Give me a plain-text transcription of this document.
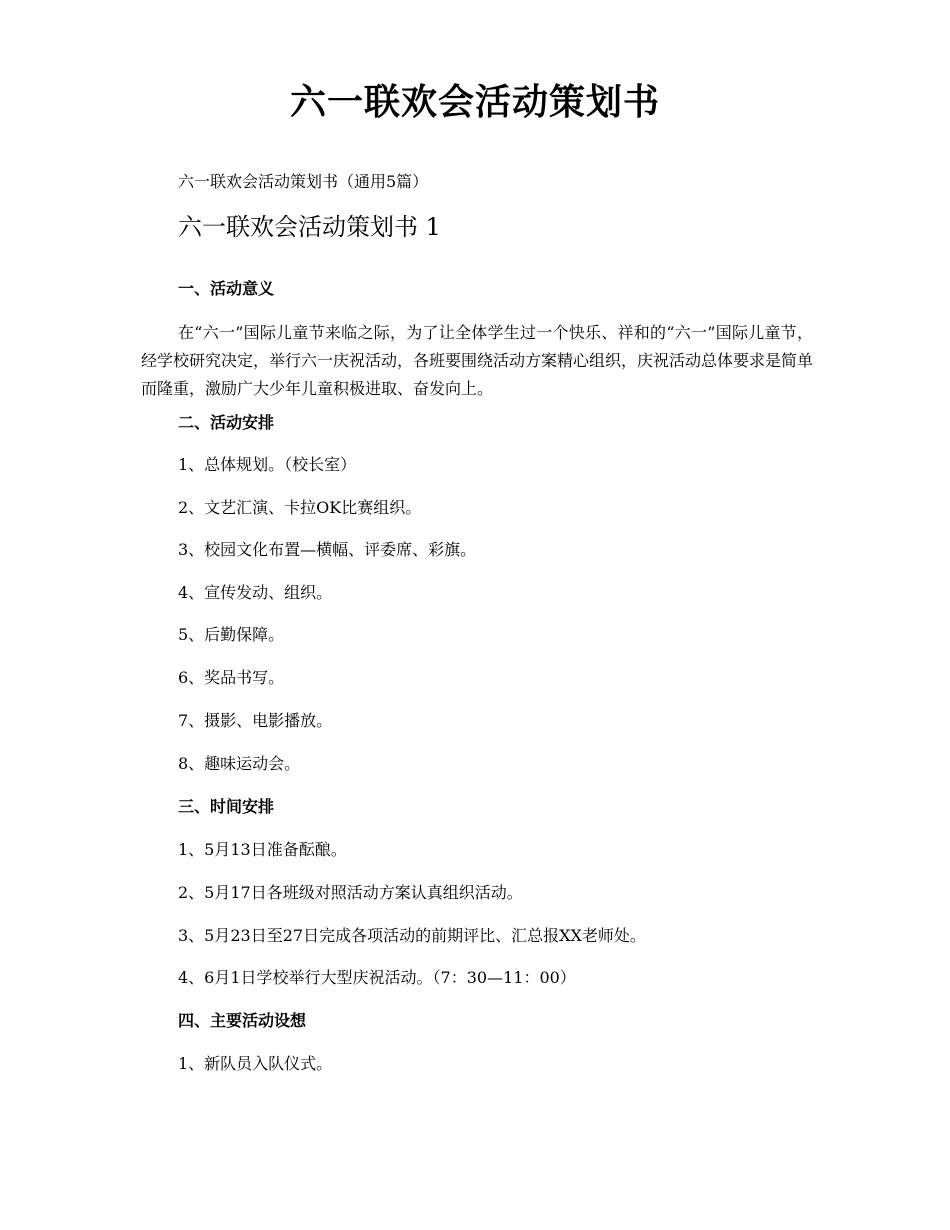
六一联欢会活动策划书
六一联欢会活动策划书（通用5篇）
六一联欢会活动策划书 1
一、活动意义
在“六一”国际儿童节来临之际，为了让全体学生过一个快乐、祥和的“六一”国际儿童节，经学校研究决定，举行六一庆祝活动，各班要围绕活动方案精心组织，庆祝活动总体要求是简单而隆重，激励广大少年儿童积极进取、奋发向上。
二、活动安排
1、总体规划。（校长室）
2、文艺汇演、卡拉OK比赛组织。
3、校园文化布置—横幅、评委席、彩旗。
4、宣传发动、组织。
5、后勤保障。
6、奖品书写。
7、摄影、电影播放。
8、趣味运动会。
三、时间安排
1、5月13日准备酝酿。
2、5月17日各班级对照活动方案认真组织活动。
3、5月23日至27日完成各项活动的前期评比、汇总报XX老师处。
4、6月1日学校举行大型庆祝活动。（7：30—11：00）
四、主要活动设想
1、新队员入队仪式。
